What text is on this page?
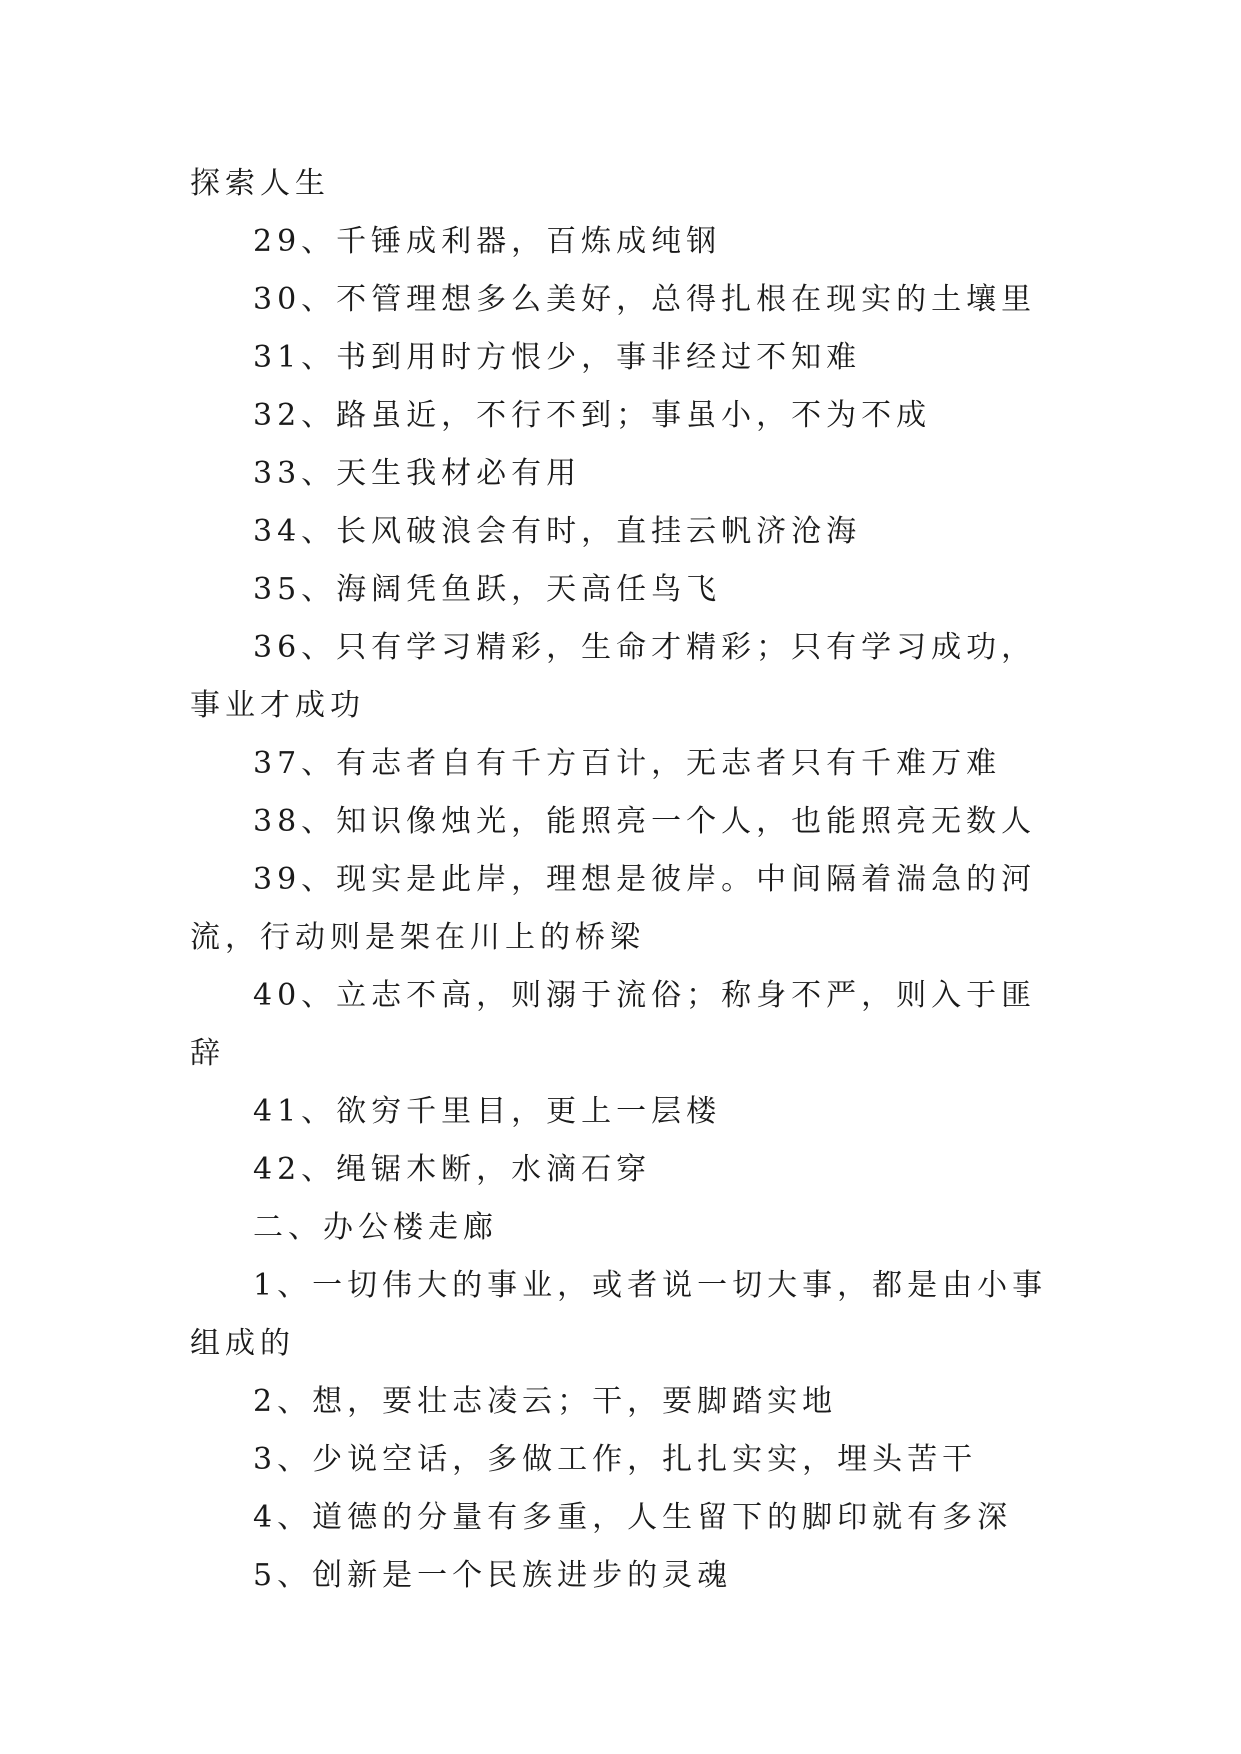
探索人生

29、千锤成利器，百炼成纯钢

30、不管理想多么美好，总得扎根在现实的土壤里

31、书到用时方恨少，事非经过不知难

32、路虽近，不行不到；事虽小，不为不成

33、天生我材必有用

34、长风破浪会有时，直挂云帆济沧海

35、海阔凭鱼跃，天高任鸟飞

36、只有学习精彩，生命才精彩；只有学习成功，事业才成功

37、有志者自有千方百计，无志者只有千难万难

38、知识像烛光，能照亮一个人，也能照亮无数人

39、现实是此岸，理想是彼岸。中间隔着湍急的河流，行动则是架在川上的桥梁

40、立志不高，则溺于流俗；称身不严，则入于匪辞

41、欲穷千里目，更上一层楼

42、绳锯木断，水滴石穿

二、办公楼走廊

1、一切伟大的事业，或者说一切大事，都是由小事组成的

2、想，要壮志凌云；干，要脚踏实地

3、少说空话，多做工作，扎扎实实，埋头苦干

4、道德的分量有多重，人生留下的脚印就有多深

5、创新是一个民族进步的灵魂
